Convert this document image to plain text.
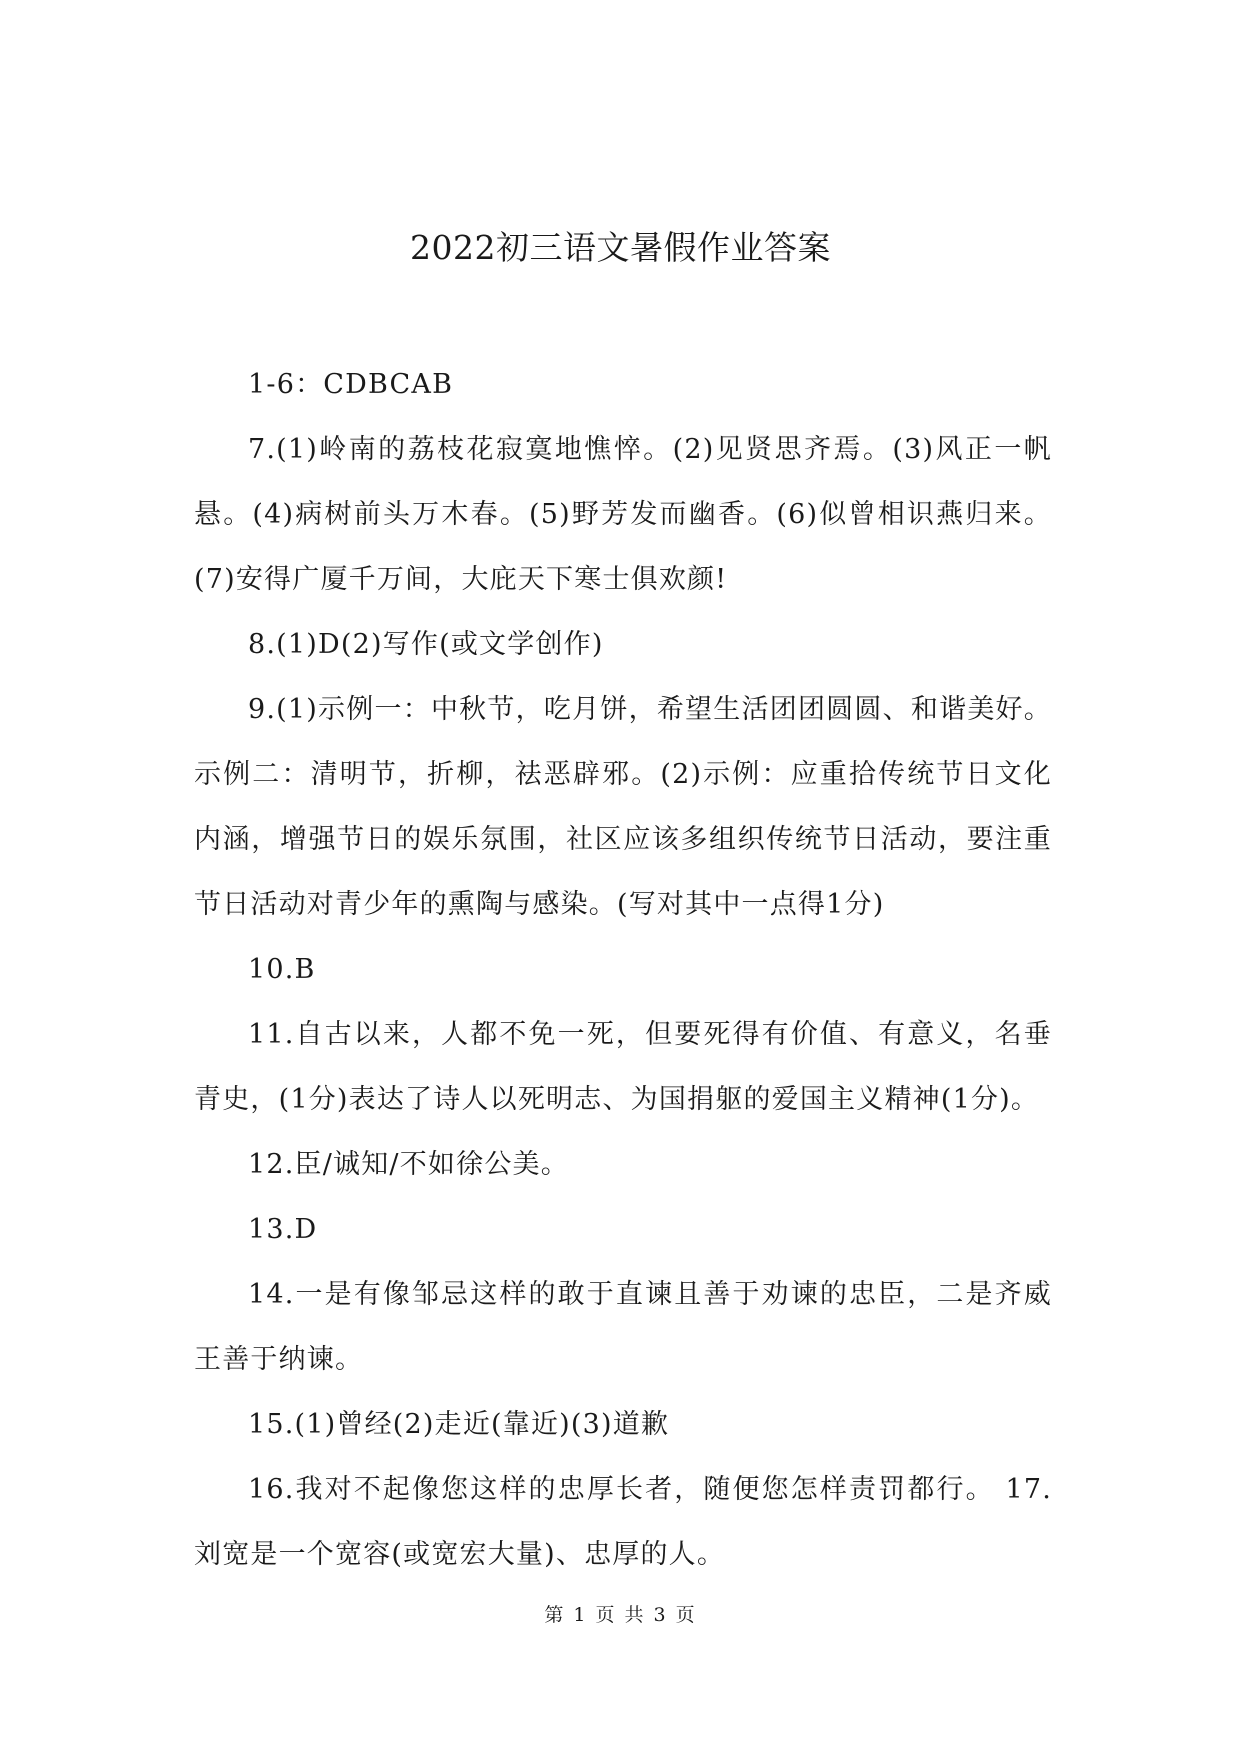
2022初三语文暑假作业答案

1-6：CDBCAB

7.(1)岭南的荔枝花寂寞地憔悴。(2)见贤思齐焉。(3)风正一帆悬。(4)病树前头万木春。(5)野芳发而幽香。(6)似曾相识燕归来。(7)安得广厦千万间，大庇天下寒士俱欢颜!

8.(1)D(2)写作(或文学创作)

9.(1)示例一：中秋节，吃月饼，希望生活团团圆圆、和谐美好。示例二：清明节，折柳，祛恶辟邪。(2)示例：应重拾传统节日文化内涵，增强节日的娱乐氛围，社区应该多组织传统节日活动，要注重节日活动对青少年的熏陶与感染。(写对其中一点得1分)

10.B

11.自古以来，人都不免一死，但要死得有价值、有意义，名垂青史，(1分)表达了诗人以死明志、为国捐躯的爱国主义精神(1分)。

12.臣/诚知/不如徐公美。

13.D

14.一是有像邹忌这样的敢于直谏且善于劝谏的忠臣，二是齐威王善于纳谏。

15.(1)曾经(2)走近(靠近)(3)道歉

16.我对不起像您这样的忠厚长者，随便您怎样责罚都行。 17.刘宽是一个宽容(或宽宏大量)、忠厚的人。

第 1 页 共 3 页
